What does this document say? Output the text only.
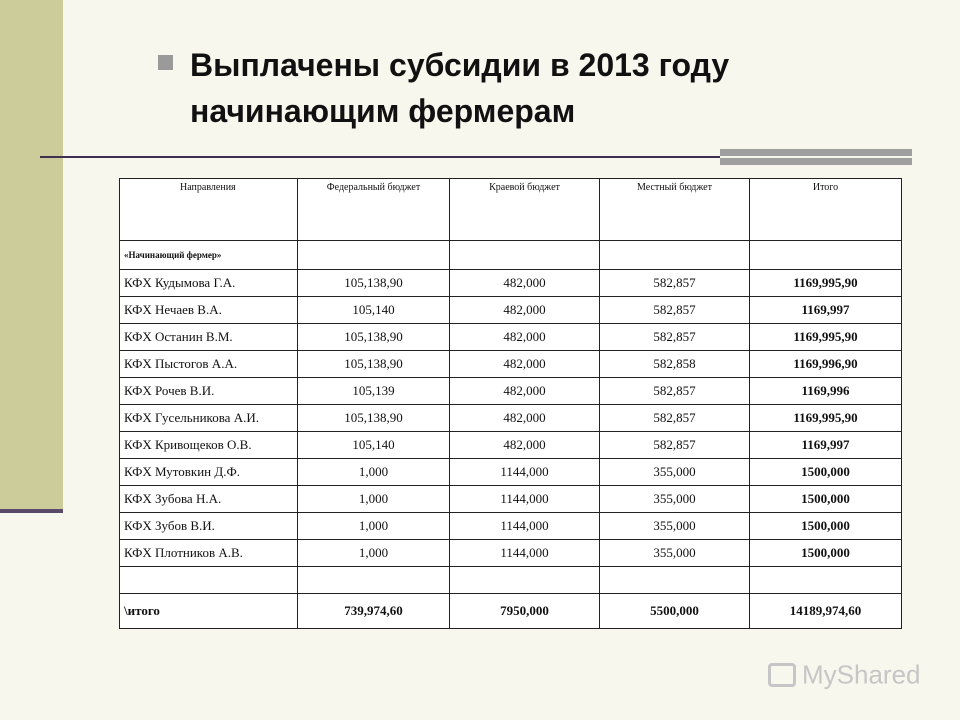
Выплачены субсидии в 2013 году начинающим фермерам
Направления	Федеральный бюджет	Краевой бюджет	Местный бюджет	Итого
«Начинающий фермер»				
КФХ Кудымова Г.А.	105,138,90	482,000	582,857	1169,995,90
КФХ Нечаев В.А.	105,140	482,000	582,857	1169,997
КФХ Останин В.М.	105,138,90	482,000	582,857	1169,995,90
КФХ Пыстогов А.А.	105,138,90	482,000	582,858	1169,996,90
КФХ Рочев В.И.	105,139	482,000	582,857	1169,996
КФХ Гусельникова А.И.	105,138,90	482,000	582,857	1169,995,90
КФХ Кривощеков О.В.	105,140	482,000	582,857	1169,997
КФХ Мутовкин Д.Ф.	1,000	1144,000	355,000	1500,000
КФХ Зубова Н.А.	1,000	1144,000	355,000	1500,000
КФХ Зубов В.И.	1,000	1144,000	355,000	1500,000
КФХ Плотников А.В.	1,000	1144,000	355,000	1500,000

\итого	739,974,60	7950,000	5500,000	14189,974,60
MyShared
